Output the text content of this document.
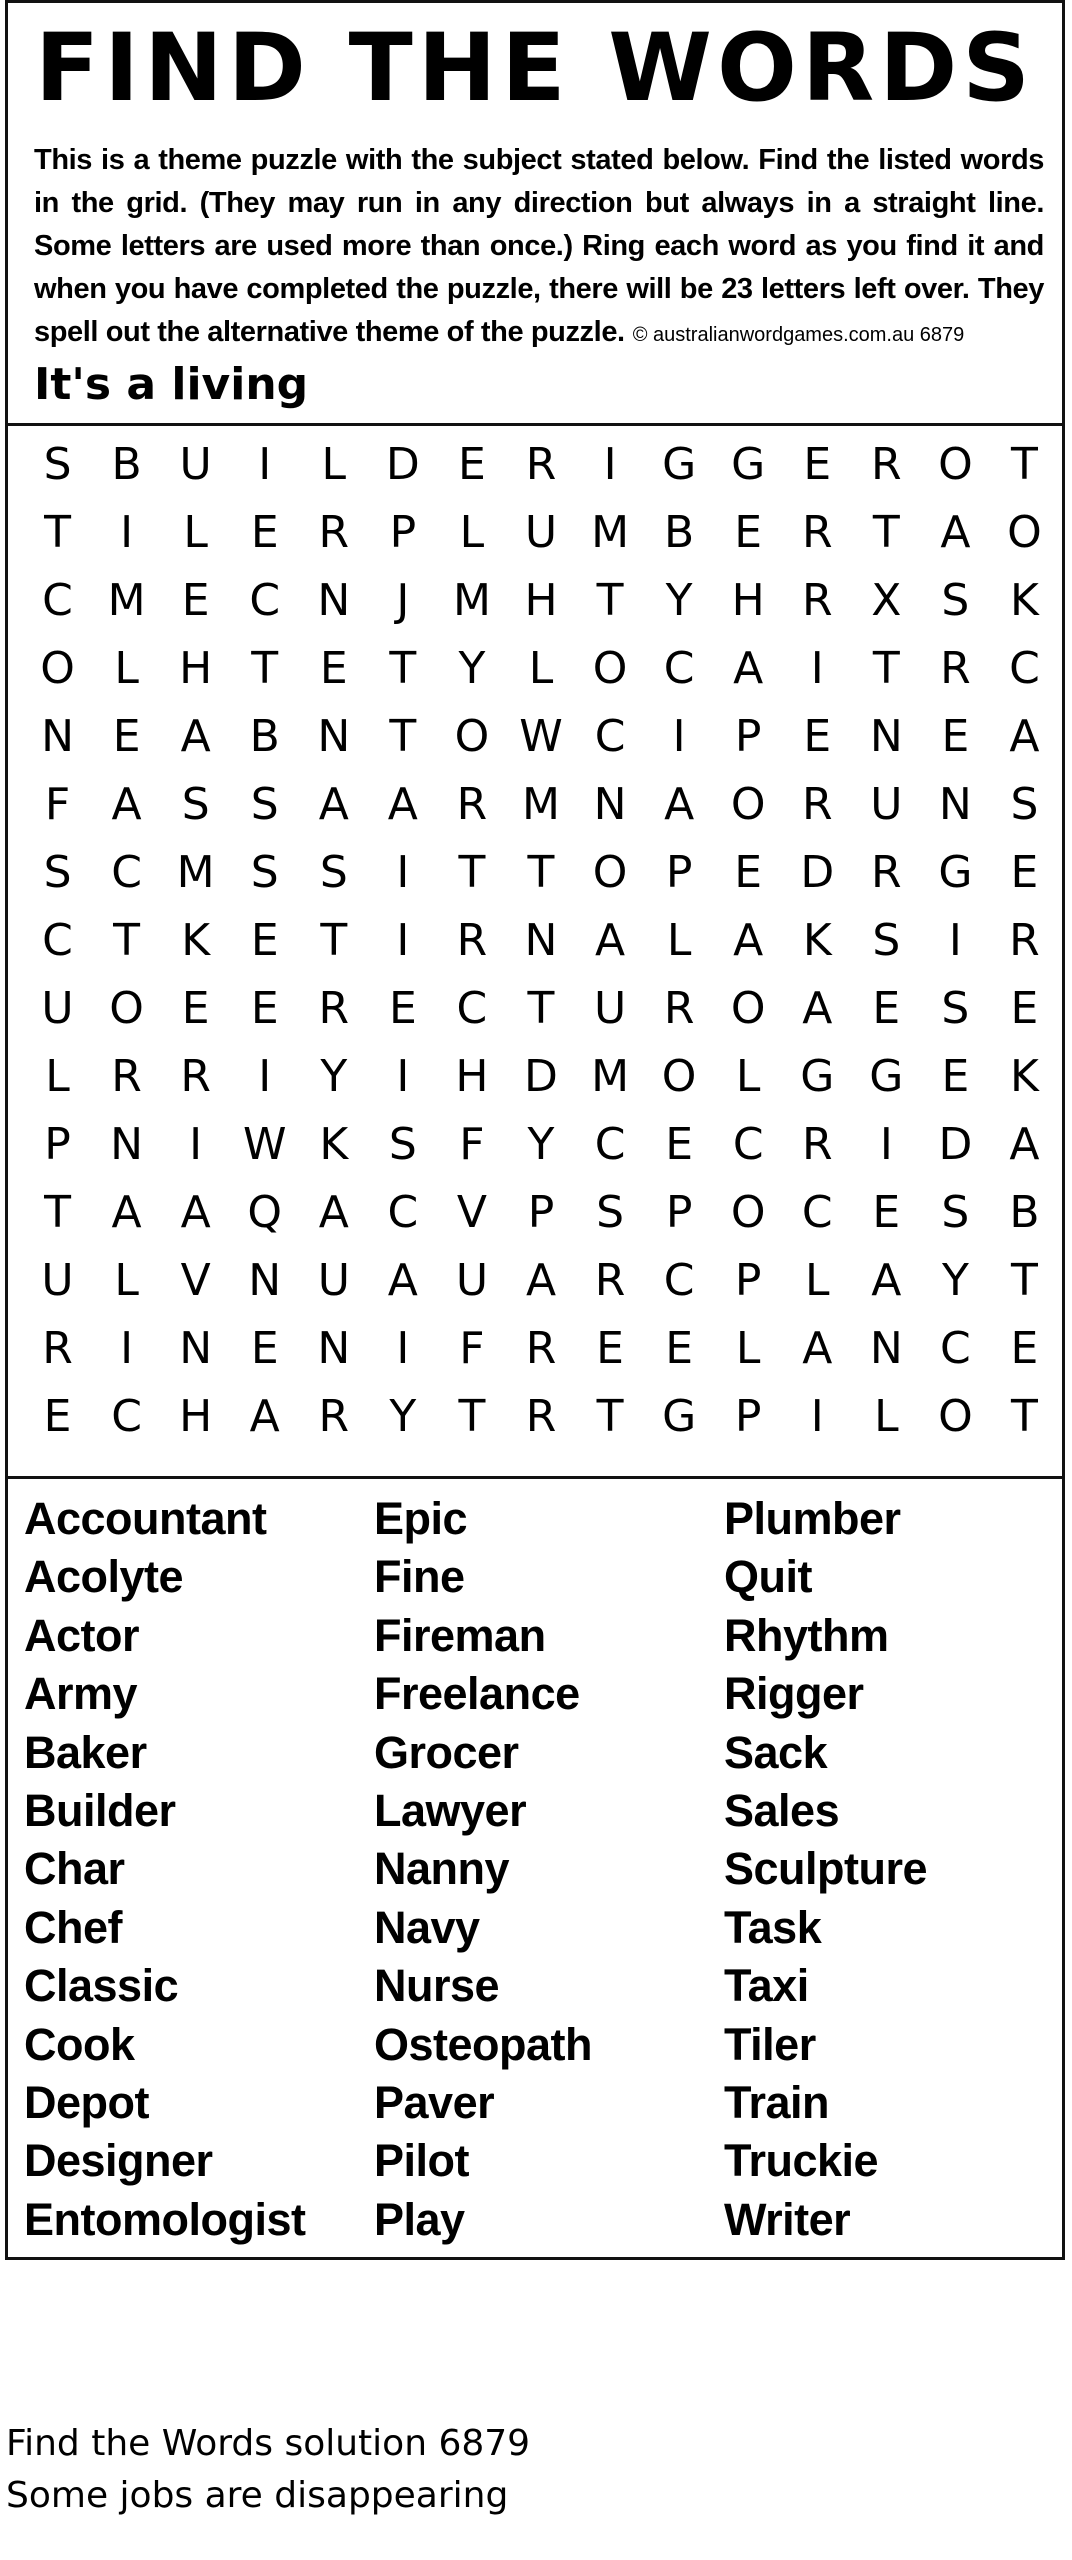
FIND THE WORDS
This is a theme puzzle with the subject stated below. Find the listed words in the grid. (They may run in any direction but always in a straight line. Some letters are used more than once.) Ring each word as you find it and when you have completed the puzzle, there will be 23 letters left over. They spell out the alternative theme of the puzzle. © australianwordgames.com.au 6879
It's a living
S B U	I	L D E R	I	G G E R O T
T	I	L E R P L U M B E R T A O
C M E C N	J M H T Y H R X S K
O L H T E T Y L O C A	I	T R C
N E A B N T O W C	I	P E N E A
F A S S A A R M N A O R U N S
S C M S S	I	T T O P E D R G E
C T K E T	I	R N A L A K S	I	R
U O E E R E C T U R O A E S E
L R R	I	Y	I	H D M O L G G E K
P N	I W K S F Y C E C R	I	D A
T A A Q A C V P S P O C E S B
U L V N U A U A R C P L A Y T
R	I	N E N	I	F R E E L A N C E
E C H A R Y T R T G P	I	L O T
Accountant
Acolyte
Actor
Army
Baker
Builder
Char
Chef
Classic
Cook
Depot
Designer
Entomologist
Epic
Fine
Fireman
Freelance
Grocer
Lawyer
Nanny
Navy
Nurse
Osteopath
Paver
Pilot
Play
Plumber
Quit
Rhythm
Rigger
Sack
Sales
Sculpture
Task
Taxi
Tiler
Train
Truckie
Writer
Find the Words solution 6879
Some jobs are disappearing
